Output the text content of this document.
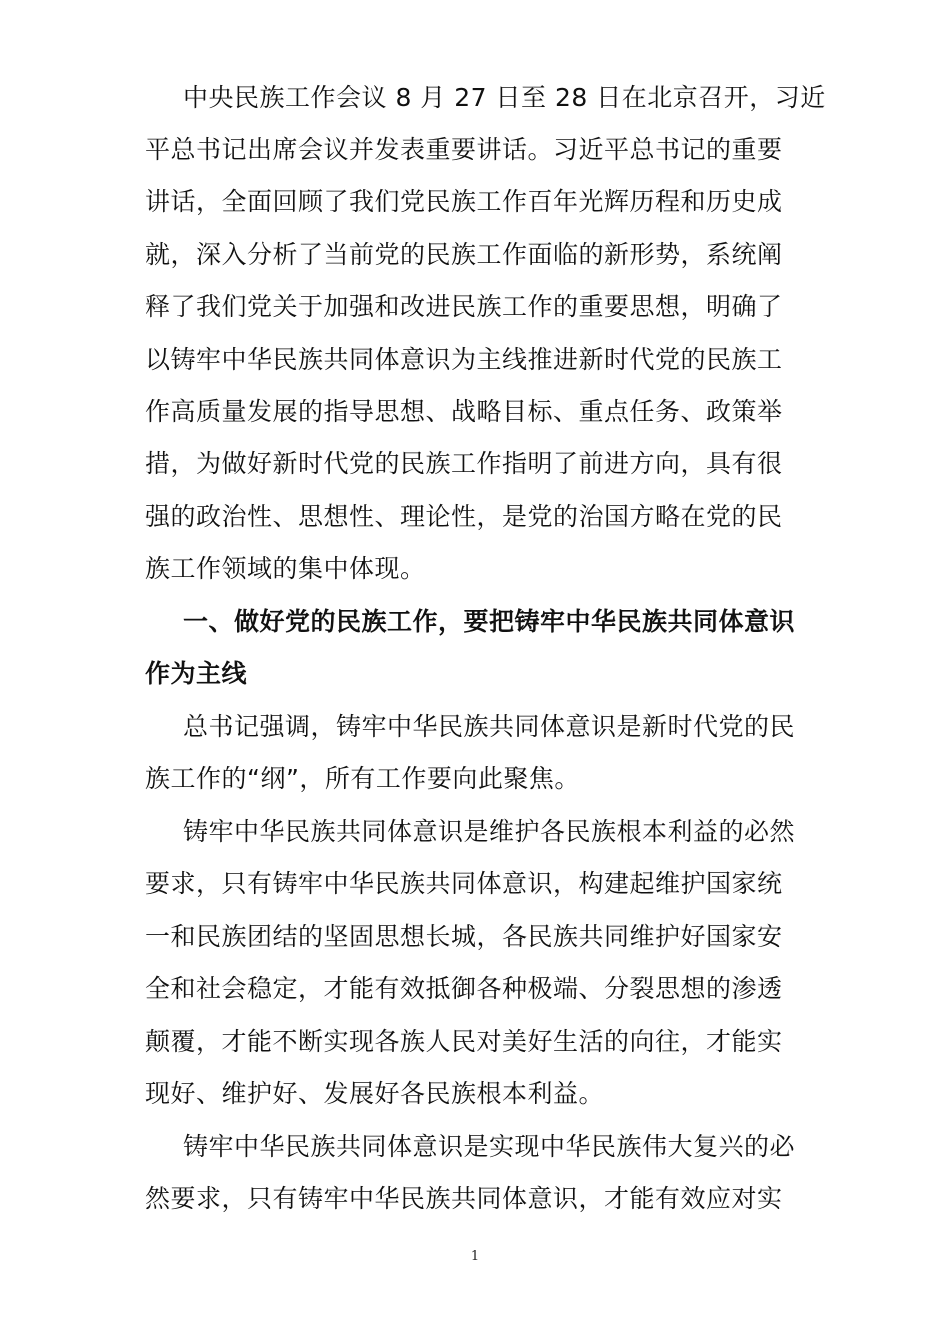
中央民族工作会议 8 月 27 日至 28 日在北京召开，习近
平总书记出席会议并发表重要讲话。习近平总书记的重要
讲话，全面回顾了我们党民族工作百年光辉历程和历史成
就，深入分析了当前党的民族工作面临的新形势，系统阐
释了我们党关于加强和改进民族工作的重要思想，明确了
以铸牢中华民族共同体意识为主线推进新时代党的民族工
作高质量发展的指导思想、战略目标、重点任务、政策举
措，为做好新时代党的民族工作指明了前进方向，具有很
强的政治性、思想性、理论性，是党的治国方略在党的民
族工作领域的集中体现。
一、做好党的民族工作，要把铸牢中华民族共同体意识
作为主线
总书记强调，铸牢中华民族共同体意识是新时代党的民
族工作的“纲”，所有工作要向此聚焦。
铸牢中华民族共同体意识是维护各民族根本利益的必然
要求，只有铸牢中华民族共同体意识，构建起维护国家统
一和民族团结的坚固思想长城，各民族共同维护好国家安
全和社会稳定，才能有效抵御各种极端、分裂思想的渗透
颠覆，才能不断实现各族人民对美好生活的向往，才能实
现好、维护好、发展好各民族根本利益。
铸牢中华民族共同体意识是实现中华民族伟大复兴的必
然要求，只有铸牢中华民族共同体意识，才能有效应对实
1
